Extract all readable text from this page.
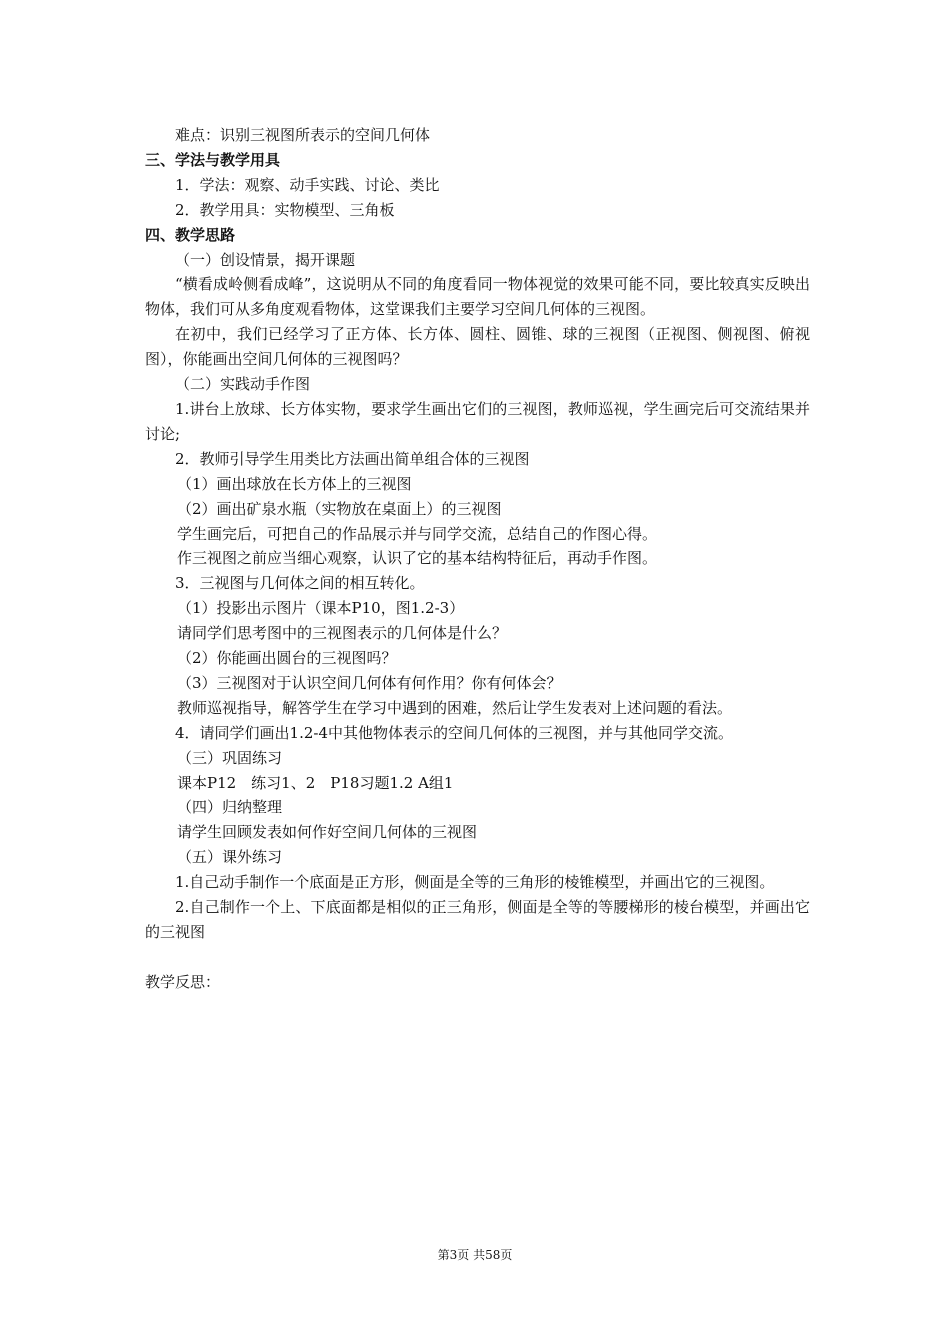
难点：识别三视图所表示的空间几何体
三、学法与教学用具
1．学法：观察、动手实践、讨论、类比
2．教学用具：实物模型、三角板
四、教学思路
（一）创设情景，揭开课题
“横看成岭侧看成峰”，这说明从不同的角度看同一物体视觉的效果可能不同，要比较真实反映出物体，我们可从多角度观看物体，这堂课我们主要学习空间几何体的三视图。
在初中，我们已经学习了正方体、长方体、圆柱、圆锥、球的三视图（正视图、侧视图、俯视图），你能画出空间几何体的三视图吗？
（二）实践动手作图
1.讲台上放球、长方体实物，要求学生画出它们的三视图，教师巡视，学生画完后可交流结果并讨论;
2．教师引导学生用类比方法画出简单组合体的三视图
（1）画出球放在长方体上的三视图
（2）画出矿泉水瓶（实物放在桌面上）的三视图
学生画完后，可把自己的作品展示并与同学交流，总结自己的作图心得。
作三视图之前应当细心观察，认识了它的基本结构特征后，再动手作图。
3．三视图与几何体之间的相互转化。
（1）投影出示图片（课本P10，图1.2-3）
请同学们思考图中的三视图表示的几何体是什么？
（2）你能画出圆台的三视图吗？
（3）三视图对于认识空间几何体有何作用？你有何体会？
教师巡视指导，解答学生在学习中遇到的困难，然后让学生发表对上述问题的看法。
4．请同学们画出1.2-4中其他物体表示的空间几何体的三视图，并与其他同学交流。
（三）巩固练习
课本P12　练习1、2　P18习题1.2 A组1
（四）归纳整理
请学生回顾发表如何作好空间几何体的三视图
（五）课外练习
1.自己动手制作一个底面是正方形，侧面是全等的三角形的棱锥模型，并画出它的三视图。
2.自己制作一个上、下底面都是相似的正三角形，侧面是全等的等腰梯形的棱台模型，并画出它的三视图
教学反思：
第3页 共58页
